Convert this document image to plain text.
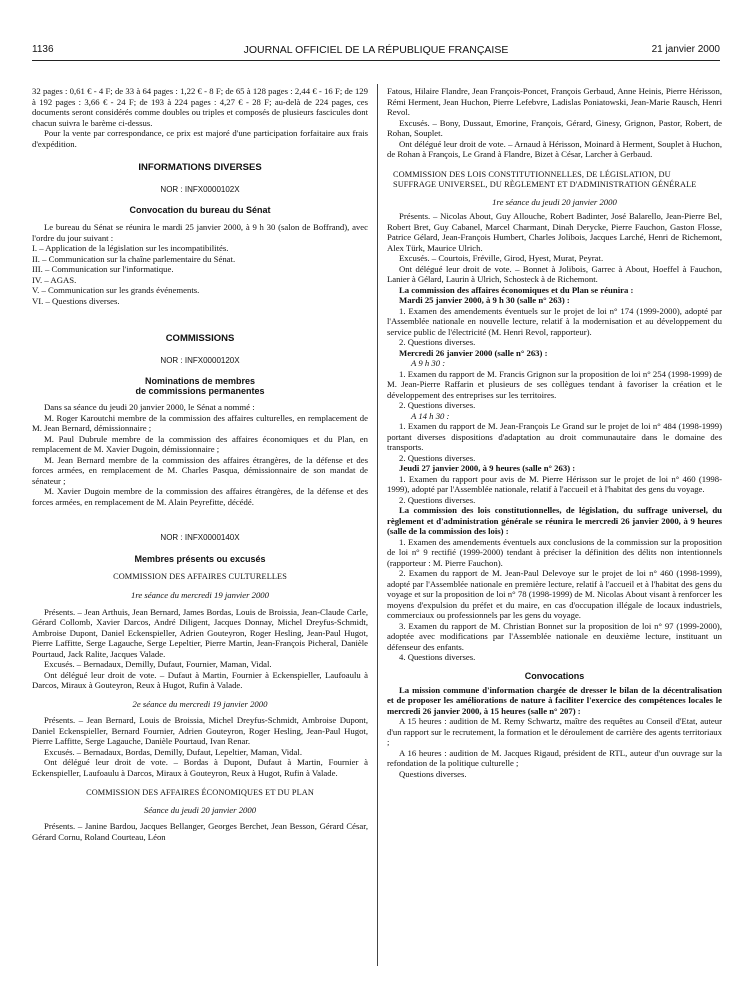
1136	JOURNAL OFFICIEL DE LA RÉPUBLIQUE FRANÇAISE	21 janvier 2000

32 pages : 0,61 € - 4 F; de 33 à 64 pages : 1,22 € - 8 F; de 65 à 128 pages : 2,44 € - 16 F; de 129 à 192 pages : 3,66 € - 24 F; de 193 à 224 pages : 4,27 € - 28 F; au-delà de 224 pages, ces documents seront considérés comme doubles ou triples et composés de plusieurs fascicules dont chacun suivra le barème ci-dessus.

Pour la vente par correspondance, ce prix est majoré d'une participation forfaitaire aux frais d'expédition.

INFORMATIONS DIVERSES

NOR : INFX0000102X

Convocation du bureau du Sénat

Le bureau du Sénat se réunira le mardi 25 janvier 2000, à 9 h 30 (salon de Boffrand), avec l'ordre du jour suivant :

I. – Application de la législation sur les incompatibilités.

II. – Communication sur la chaîne parlementaire du Sénat.

III. – Communication sur l'informatique.

IV. – AGAS.

V. – Communication sur les grands événements.

VI. – Questions diverses.

COMMISSIONS

NOR : INFX0000120X

Nominations de membres

de commissions permanentes

Dans sa séance du jeudi 20 janvier 2000, le Sénat a nommé :

M. Roger Karoutchi membre de la commission des affaires culturelles, en remplacement de M. Jean Bernard, démissionnaire ;

M. Paul Dubrule membre de la commission des affaires économiques et du Plan, en remplacement de M. Xavier Dugoin, démissionnaire ;

M. Jean Bernard membre de la commission des affaires étrangères, de la défense et des forces armées, en remplacement de M. Charles Pasqua, démissionnaire de son mandat de sénateur ;

M. Xavier Dugoin membre de la commission des affaires étrangères, de la défense et des forces armées, en remplacement de M. Alain Peyrefitte, décédé.

NOR : INFX0000140X

Membres présents ou excusés

COMMISSION DES AFFAIRES CULTURELLES

1re séance du mercredi 19 janvier 2000

Présents. – Jean Arthuis, Jean Bernard, James Bordas, Louis de Broissia, Jean-Claude Carle, Gérard Collomb, Xavier Darcos, André Diligent, Jacques Donnay, Michel Dreyfus-Schmidt, Ambroise Dupont, Daniel Eckenspieller, Adrien Gouteyron, Roger Hesling, Jean-Paul Hugot, Pierre Laffitte, Serge Lagauche, Serge Lepeltier, Pierre Martin, Jean-François Picheral, Danièle Pourtaud, Jack Ralite, Jacques Valade.

Excusés. – Bernadaux, Demilly, Dufaut, Fournier, Maman, Vidal.

Ont délégué leur droit de vote. – Dufaut à Martin, Fournier à Eckenspieller, Laufoaulu à Darcos, Miraux à Gouteyron, Reux à Hugot, Rufin à Valade.

2e séance du mercredi 19 janvier 2000

Présents. – Jean Bernard, Louis de Broissia, Michel Dreyfus-Schmidt, Ambroise Dupont, Daniel Eckenspieller, Bernard Fournier, Adrien Gouteyron, Roger Hesling, Jean-Paul Hugot, Pierre Laffitte, Serge Lagauche, Danièle Pourtaud, Ivan Renar.

Excusés. – Bernadaux, Bordas, Demilly, Dufaut, Lepeltier, Maman, Vidal.

Ont délégué leur droit de vote. – Bordas à Dupont, Dufaut à Martin, Fournier à Eckenspieller, Laufoaulu à Darcos, Miraux à Gouteyron, Reux à Hugot, Rufin à Valade.

COMMISSION DES AFFAIRES ÉCONOMIQUES ET DU PLAN

Séance du jeudi 20 janvier 2000

Présents. – Janine Bardou, Jacques Bellanger, Georges Berchet, Jean Besson, Gérard César, Gérard Cornu, Roland Courteau, Léon

Fatous, Hilaire Flandre, Jean François-Poncet, François Gerbaud, Anne Heinis, Pierre Hérisson, Rémi Herment, Jean Huchon, Pierre Lefebvre, Ladislas Poniatowski, Jean-Marie Rausch, Henri Revol.

Excusés. – Bony, Dussaut, Emorine, François, Gérard, Ginesy, Grignon, Pastor, Robert, de Rohan, Souplet.

Ont délégué leur droit de vote. – Arnaud à Hérisson, Moinard à Herment, Souplet à Huchon, de Rohan à François, Le Grand à Flandre, Bizet à César, Larcher à Gerbaud.

COMMISSION DES LOIS CONSTITUTIONNELLES, DE LÉGISLATION, DU SUFFRAGE UNIVERSEL, DU RÈGLEMENT ET D'ADMINISTRATION GÉNÉRALE

1re séance du jeudi 20 janvier 2000

Présents. – Nicolas About, Guy Allouche, Robert Badinter, José Balarello, Jean-Pierre Bel, Robert Bret, Guy Cabanel, Marcel Charmant, Dinah Derycke, Pierre Fauchon, Gaston Flosse, Patrice Gélard, Jean-François Humbert, Charles Jolibois, Jacques Larché, Henri de Richemont, Alex Türk, Maurice Ulrich.

Excusés. – Courtois, Fréville, Girod, Hyest, Murat, Peyrat.

Ont délégué leur droit de vote. – Bonnet à Jolibois, Garrec à About, Hoeffel à Fauchon, Lanier à Gélard, Laurin à Ulrich, Schosteck à de Richemont.

La commission des affaires économiques et du Plan se réunira :

Mardi 25 janvier 2000, à 9 h 30 (salle n° 263) :

1. Examen des amendements éventuels sur le projet de loi n° 174 (1999-2000), adopté par l'Assemblée nationale en nouvelle lecture, relatif à la modernisation et au développement du service public de l'électricité (M. Henri Revol, rapporteur).

2. Questions diverses.

Mercredi 26 janvier 2000 (salle n° 263) :

A 9 h 30 :

1. Examen du rapport de M. Francis Grignon sur la proposition de loi n° 254 (1998-1999) de M. Jean-Pierre Raffarin et plusieurs de ses collègues tendant à favoriser la création et le développement des entreprises sur les territoires.

2. Questions diverses.

A 14 h 30 :

1. Examen du rapport de M. Jean-François Le Grand sur le projet de loi n° 484 (1998-1999) portant diverses dispositions d'adaptation au droit communautaire dans le domaine des transports.

2. Questions diverses.

Jeudi 27 janvier 2000, à 9 heures (salle n° 263) :

1. Examen du rapport pour avis de M. Pierre Hérisson sur le projet de loi n° 460 (1998-1999), adopté par l'Assemblée nationale, relatif à l'accueil et à l'habitat des gens du voyage.

2. Questions diverses.

La commission des lois constitutionnelles, de législation, du suffrage universel, du règlement et d'administration générale se réunira le mercredi 26 janvier 2000, à 9 heures (salle de la commission des lois) :

1. Examen des amendements éventuels aux conclusions de la commission sur la proposition de loi n° 9 rectifié (1999-2000) tendant à préciser la définition des délits non intentionnels (rapporteur : M. Pierre Fauchon).

2. Examen du rapport de M. Jean-Paul Delevoye sur le projet de loi n° 460 (1998-1999), adopté par l'Assemblée nationale en première lecture, relatif à l'accueil et à l'habitat des gens du voyage et sur la proposition de loi n° 78 (1998-1999) de M. Nicolas About visant à renforcer les moyens d'expulsion du préfet et du maire, en cas d'occupation illégale de locaux industriels, commerciaux ou professionnels par les gens du voyage.

3. Examen du rapport de M. Christian Bonnet sur la proposition de loi n° 97 (1999-2000), adoptée avec modifications par l'Assemblée nationale en deuxième lecture, instituant un défenseur des enfants.

4. Questions diverses.

Convocations

La mission commune d'information chargée de dresser le bilan de la décentralisation et de proposer les améliorations de nature à faciliter l'exercice des compétences locales le mercredi 26 janvier 2000, à 15 heures (salle n° 207) :

A 15 heures : audition de M. Remy Schwartz, maître des requêtes au Conseil d'Etat, auteur d'un rapport sur le recrutement, la formation et le déroulement de carrière des agents territoriaux ;

A 16 heures : audition de M. Jacques Rigaud, président de RTL, auteur d'un ouvrage sur la refondation de la politique culturelle ;

Questions diverses.
